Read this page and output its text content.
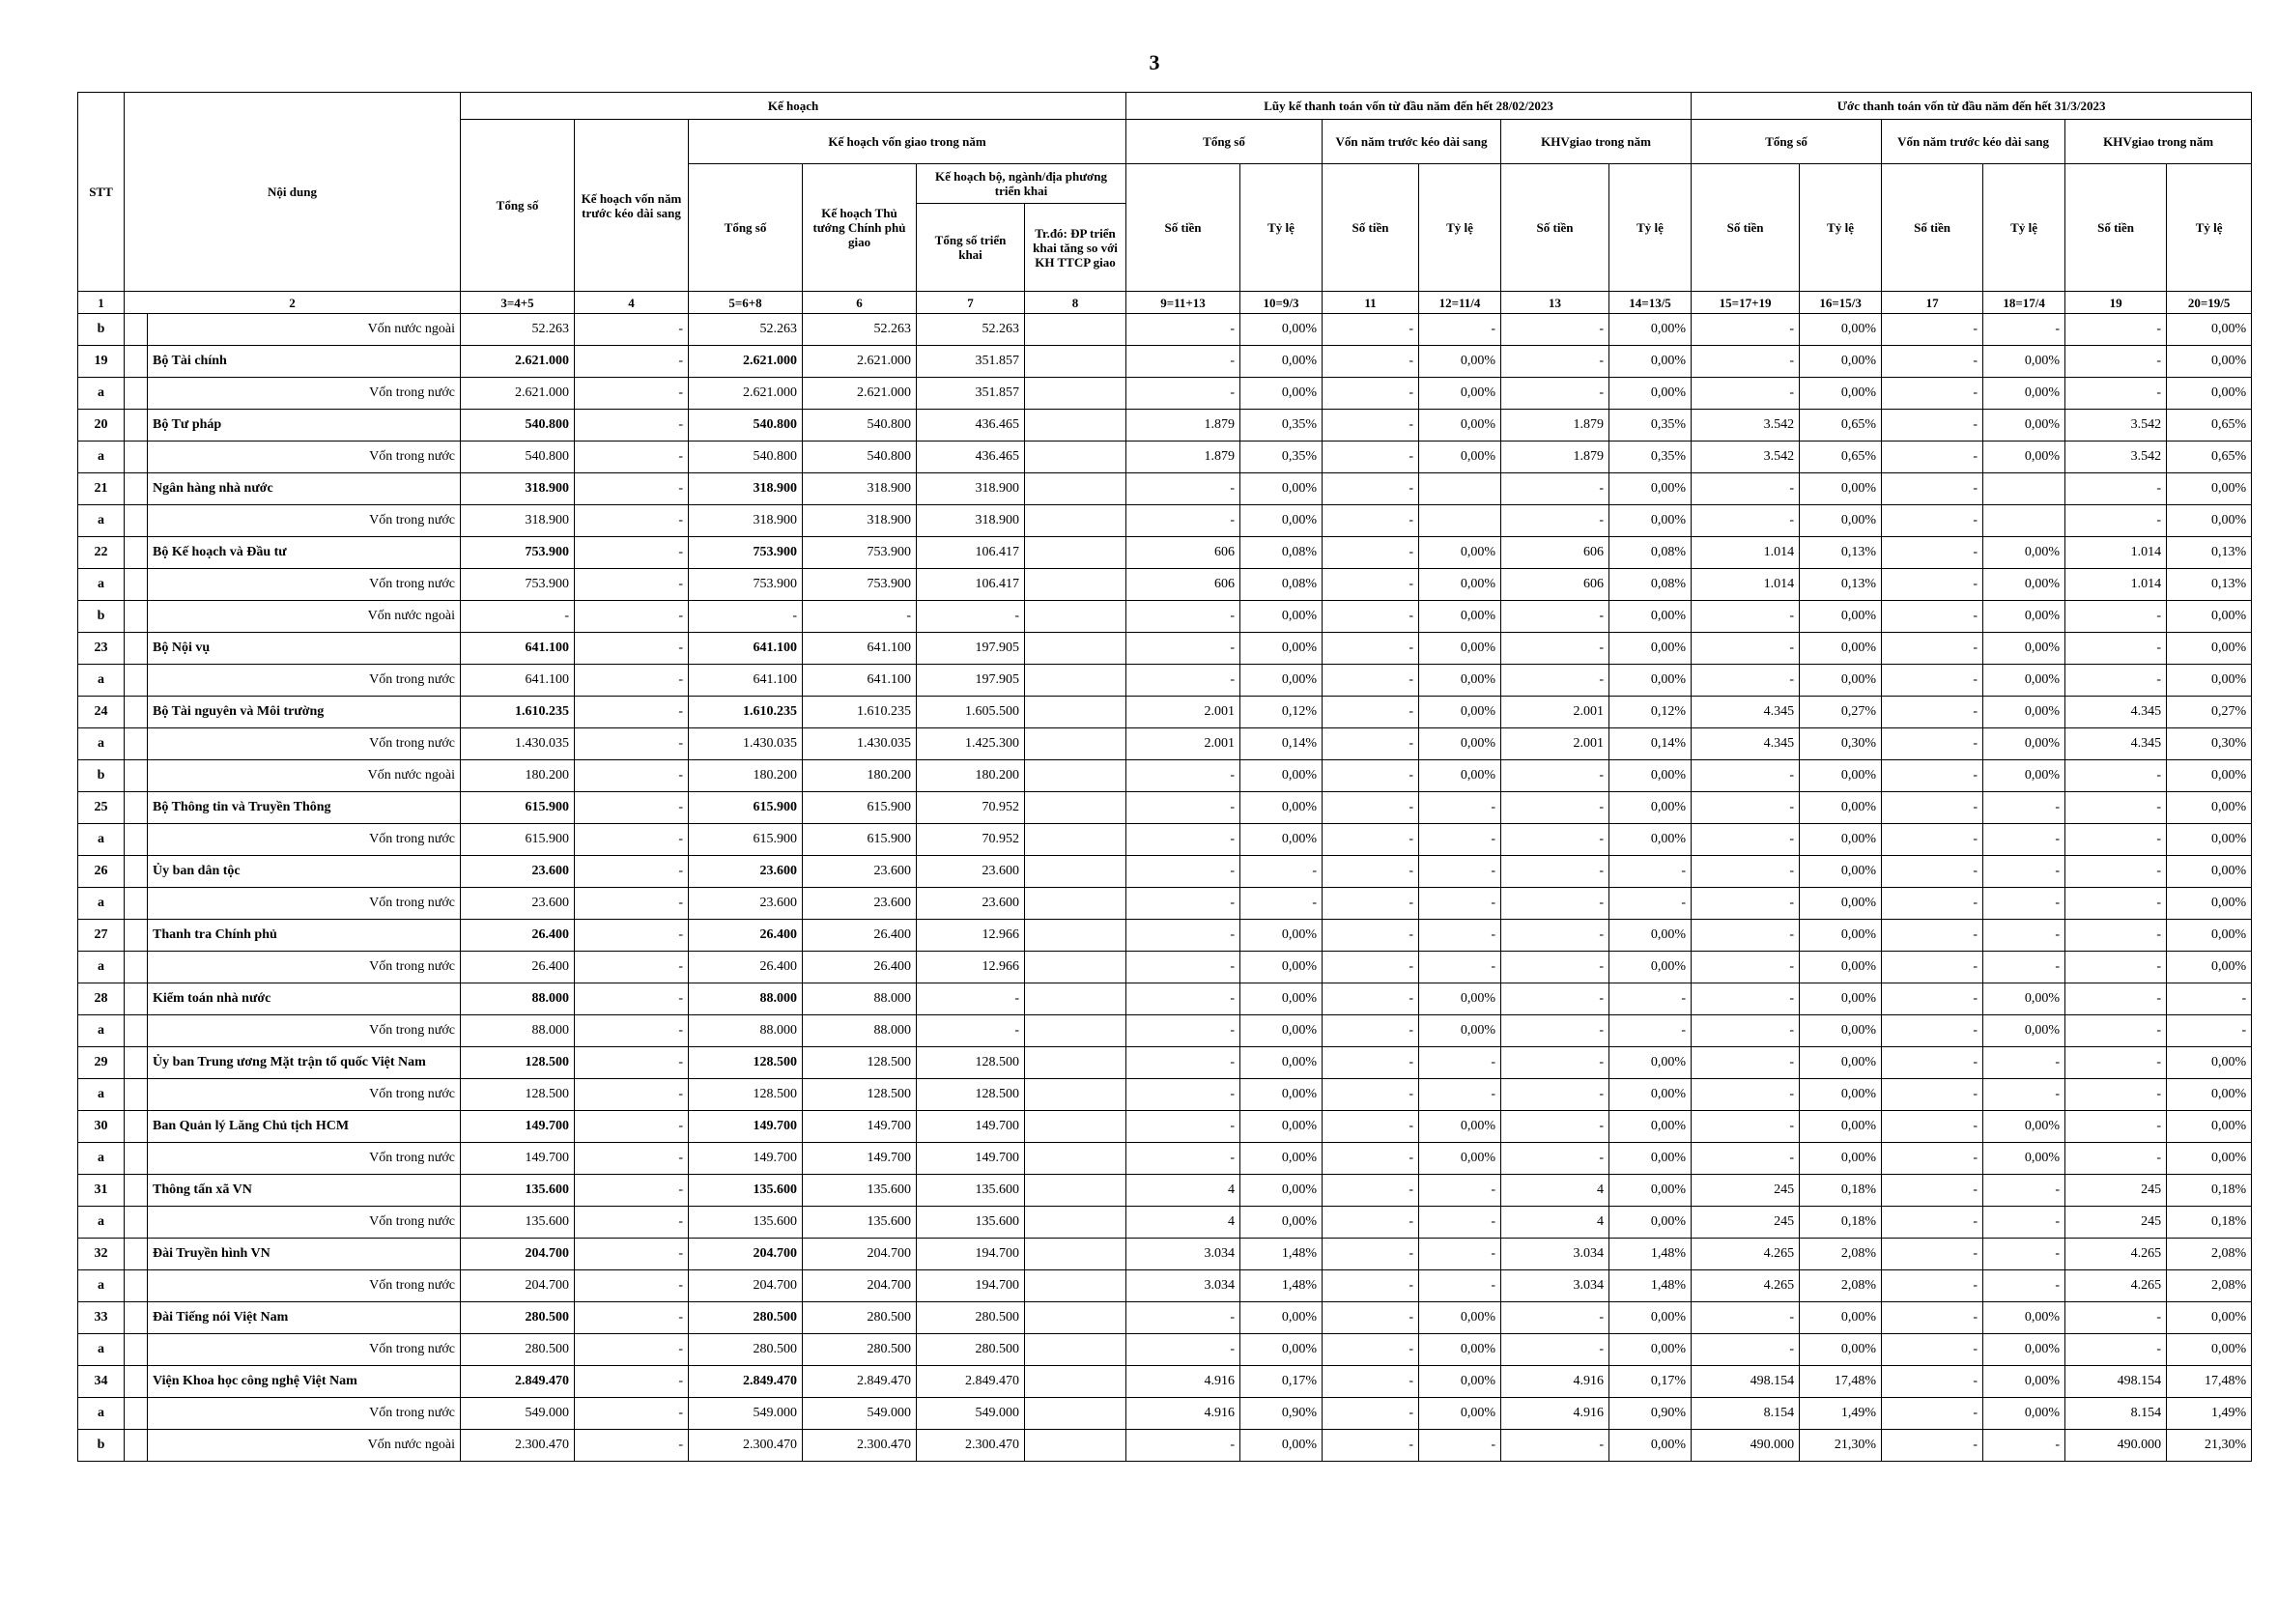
3
STT	Nội dung		Kế hoạch						Lũy kế thanh toán vốn từ đầu năm đến hết 28/02/2023						Ước thanh toán vốn từ đầu năm đến hết 31/3/2023					
			Tổng số	Kế hoạch vốn năm trước kéo dài sang	Kế hoạch vốn giao trong năm				Tổng số		Vốn năm trước kéo dài sang		KHVgiao trong năm		Tổng số		Vốn năm trước kéo dài sang		KHVgiao trong năm	
					Tổng số	Kế hoạch Thủ tướng Chính phủ giao	Kế hoạch bộ, ngành/địa phương triển khai		Số tiền	Tỷ lệ	Số tiền	Tỷ lệ	Số tiền	Tỷ lệ	Số tiền	Tỷ lệ	Số tiền	Tỷ lệ	Số tiền	Tỷ lệ
							Tổng số triển khai	Tr.đó: ĐP triển khai tăng so với KH TTCP giao												
1	2		3=4+5	4	5=6+8	6	7	8	9=11+13	10=9/3	11	12=11/4	13	14=13/5	15=17+19	16=15/3	17	18=17/4	19	20=19/5
b		Vốn nước ngoài	52.263	-	52.263	52.263	52.263		-	0,00%	-	-	-	0,00%	-	0,00%	-	-	-	0,00%
19		Bộ Tài chính	2.621.000	-	2.621.000	2.621.000	351.857		-	0,00%	-	0,00%	-	0,00%	-	0,00%	-	0,00%	-	0,00%
a		Vốn trong nước	2.621.000	-	2.621.000	2.621.000	351.857		-	0,00%	-	0,00%	-	0,00%	-	0,00%	-	0,00%	-	0,00%
20		Bộ Tư pháp	540.800	-	540.800	540.800	436.465		1.879	0,35%	-	0,00%	1.879	0,35%	3.542	0,65%	-	0,00%	3.542	0,65%
a		Vốn trong nước	540.800	-	540.800	540.800	436.465		1.879	0,35%	-	0,00%	1.879	0,35%	3.542	0,65%	-	0,00%	3.542	0,65%
21		Ngân hàng nhà nước	318.900	-	318.900	318.900	318.900		-	0,00%	-		-	0,00%	-	0,00%	-		-	0,00%
a		Vốn trong nước	318.900	-	318.900	318.900	318.900		-	0,00%	-		-	0,00%	-	0,00%	-		-	0,00%
22		Bộ Kế hoạch và Đầu tư	753.900	-	753.900	753.900	106.417		606	0,08%	-	0,00%	606	0,08%	1.014	0,13%	-	0,00%	1.014	0,13%
a		Vốn trong nước	753.900	-	753.900	753.900	106.417		606	0,08%	-	0,00%	606	0,08%	1.014	0,13%	-	0,00%	1.014	0,13%
b		Vốn nước ngoài	-	-	-	-	-		-	0,00%	-	0,00%	-	0,00%	-	0,00%	-	0,00%	-	0,00%
23		Bộ Nội vụ	641.100	-	641.100	641.100	197.905		-	0,00%	-	0,00%	-	0,00%	-	0,00%	-	0,00%	-	0,00%
a		Vốn trong nước	641.100	-	641.100	641.100	197.905		-	0,00%	-	0,00%	-	0,00%	-	0,00%	-	0,00%	-	0,00%
24		Bộ Tài nguyên và Môi trường	1.610.235	-	1.610.235	1.610.235	1.605.500		2.001	0,12%	-	0,00%	2.001	0,12%	4.345	0,27%	-	0,00%	4.345	0,27%
a		Vốn trong nước	1.430.035	-	1.430.035	1.430.035	1.425.300		2.001	0,14%	-	0,00%	2.001	0,14%	4.345	0,30%	-	0,00%	4.345	0,30%
b		Vốn nước ngoài	180.200	-	180.200	180.200	180.200		-	0,00%	-	0,00%	-	0,00%	-	0,00%	-	0,00%	-	0,00%
25		Bộ Thông tin và Truyền Thông	615.900	-	615.900	615.900	70.952		-	0,00%	-	-	-	0,00%	-	0,00%	-	-	-	0,00%
a		Vốn trong nước	615.900	-	615.900	615.900	70.952		-	0,00%	-	-	-	0,00%	-	0,00%	-	-	-	0,00%
26		Ủy ban dân tộc	23.600	-	23.600	23.600	23.600		-	-	-	-	-	-	-	0,00%	-	-	-	0,00%
a		Vốn trong nước	23.600	-	23.600	23.600	23.600		-	-	-	-	-	-	-	0,00%	-	-	-	0,00%
27		Thanh tra Chính phủ	26.400	-	26.400	26.400	12.966		-	0,00%	-	-	-	0,00%	-	0,00%	-	-	-	0,00%
a		Vốn trong nước	26.400	-	26.400	26.400	12.966		-	0,00%	-	-	-	0,00%	-	0,00%	-	-	-	0,00%
28		Kiểm toán nhà nước	88.000	-	88.000	88.000	-		-	0,00%	-	0,00%	-	-	-	0,00%	-	0,00%	-	-
a		Vốn trong nước	88.000	-	88.000	88.000	-		-	0,00%	-	0,00%	-	-	-	0,00%	-	0,00%	-	-
29		Ủy ban Trung ương Mặt trận tổ quốc Việt Nam	128.500	-	128.500	128.500	128.500		-	0,00%	-	-	-	0,00%	-	0,00%	-	-	-	0,00%
a		Vốn trong nước	128.500	-	128.500	128.500	128.500		-	0,00%	-	-	-	0,00%	-	0,00%	-	-	-	0,00%
30		Ban Quản lý Lăng Chủ tịch HCM	149.700	-	149.700	149.700	149.700		-	0,00%	-	0,00%	-	0,00%	-	0,00%	-	0,00%	-	0,00%
a		Vốn trong nước	149.700	-	149.700	149.700	149.700		-	0,00%	-	0,00%	-	0,00%	-	0,00%	-	0,00%	-	0,00%
31		Thông tấn xã VN	135.600	-	135.600	135.600	135.600		4	0,00%	-	-	4	0,00%	245	0,18%	-	-	245	0,18%
a		Vốn trong nước	135.600	-	135.600	135.600	135.600		4	0,00%	-	-	4	0,00%	245	0,18%	-	-	245	0,18%
32		Đài Truyền hình VN	204.700	-	204.700	204.700	194.700		3.034	1,48%	-	-	3.034	1,48%	4.265	2,08%	-	-	4.265	2,08%
a		Vốn trong nước	204.700	-	204.700	204.700	194.700		3.034	1,48%	-	-	3.034	1,48%	4.265	2,08%	-	-	4.265	2,08%
33		Đài Tiếng nói Việt Nam	280.500	-	280.500	280.500	280.500		-	0,00%	-	0,00%	-	0,00%	-	0,00%	-	0,00%	-	0,00%
a		Vốn trong nước	280.500	-	280.500	280.500	280.500		-	0,00%	-	0,00%	-	0,00%	-	0,00%	-	0,00%	-	0,00%
34		Viện Khoa học công nghệ Việt Nam	2.849.470	-	2.849.470	2.849.470	2.849.470		4.916	0,17%	-	0,00%	4.916	0,17%	498.154	17,48%	-	0,00%	498.154	17,48%
a		Vốn trong nước	549.000	-	549.000	549.000	549.000		4.916	0,90%	-	0,00%	4.916	0,90%	8.154	1,49%	-	0,00%	8.154	1,49%
b		Vốn nước ngoài	2.300.470	-	2.300.470	2.300.470	2.300.470		-	0,00%	-	-	-	0,00%	490.000	21,30%	-	-	490.000	21,30%
